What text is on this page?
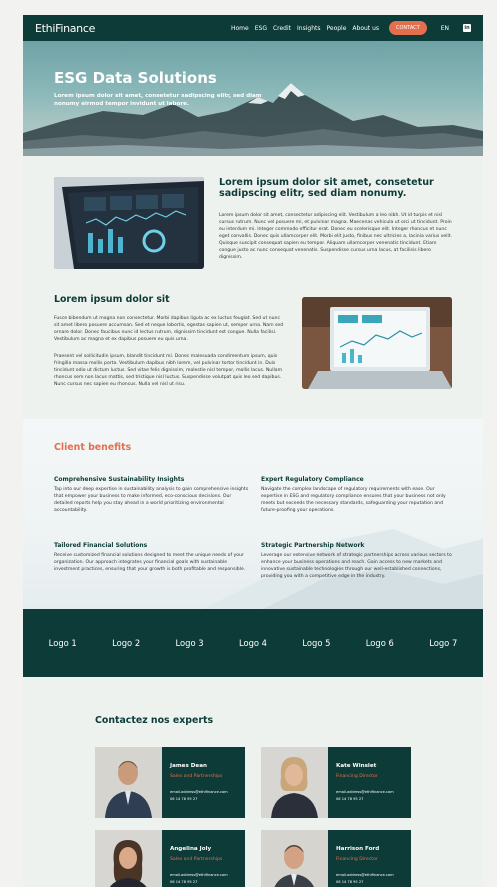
EthiFinance	Home ESG Credit Insights People About us	CONTACT	EN	in
ESG Data Solutions
Lorem ipsum dolor sit amet, consetetur sadipscing elitr, sed diam nonumy eirmod tempor invidunt ut labore.
Lorem ipsum dolor sit amet, consetetur sadipscing elitr, sed diam nonumy.
Lorem ipsum dolor sit amet, consectetur adipiscing elit. Vestibulum a leo nibh. Ut id turpis et nisl cursus rutrum. Nunc vel posuere mi, et pulvinar magna. Maecenas vehicula ut orci ut tincidunt. Proin eu interdum mi. Integer commodo efficitur erat. Donec eu scelerisque elit. Integer rhoncus et nunc eget convallis. Donec quis ullamcorper elit. Morbi elit justo, finibus nec ultricies a, lacinia varius velit. Quisque suscipit consequat sapien eu tempor. Aliquam ullamcorper venenatis tincidunt. Etiam congue justo ac nunc consequat venenatis. Suspendisse cursus urna lacus, at facilisis libero dignissim.
Lorem ipsum dolor sit
Fusce bibendum ut magna non consectetur. Morbi dapibus ligula ac ex luctus feugiat. Sed ut nunc sit amet libero posuere accumsan. Sed et neque lobortis, egestas sapien ut, semper urna. Nam sed ornare dolor. Donec faucibus nunc id lectus rutrum, dignissim tincidunt est congue. Nulla facilisi. Vestibulum ac magna et ex dapibus posuere eu quis urna.
Praesent vel sollicitudin ipsum, blandit tincidunt mi. Donec malesuada condimentum ipsum, quis fringilla massa mollis porta. Vestibulum dapibus nibh lorem, vel pulvinar tortor tincidunt in. Duis tincidunt odio ut dictum luctus. Sed vitae felis dignissim, molestie nisl tempor, mollis lacus. Nullam rhoncus sem non lacus mattis, sed tristique nisl luctus. Suspendisse volutpat quis leo sed dapibus. Nunc cursus nec sapien eu rhoncus. Nulla vel nisl ut risu.
Client benefits
Comprehensive Sustainability Insights
Tap into our deep expertise in sustainability analysis to gain comprehensive insights that empower your business to make informed, eco-conscious decisions. Our detailed reports help you stay ahead in a world prioritizing environmental accountability.
Expert Regulatory Compliance
Navigate the complex landscape of regulatory requirements with ease. Our expertise in ESG and regulatory compliance ensures that your business not only meets but exceeds the necessary standards, safeguarding your reputation and future-proofing your operations.
Tailored Financial Solutions
Receive customized financial solutions designed to meet the unique needs of your organization. Our approach integrates your financial goals with sustainable investment practices, ensuring that your growth is both profitable and responsible.
Strategic Partnership Network
Leverage our extensive network of strategic partnerships across various sectors to enhance your business operations and reach. Gain access to new markets and innovative sustainable technologies through our well-established connections, providing you with a competitive edge in the industry.
Logo 1	Logo 2	Logo 3	Logo 4	Logo 5	Logo 6	Logo 7
Contactez nos experts
James Dean
Sales and Partnerships
email.address@ethifinance.com
06 14 78 95 27
Kate Winslet
Financing Director
email.address@ethifinance.com
06 14 78 95 27
Angelina Joly
Sales and Partnerships
email.address@ethifinance.com
06 14 78 95 27
Harrison Ford
Financing Director
email.address@ethifinance.com
06 14 78 95 27
